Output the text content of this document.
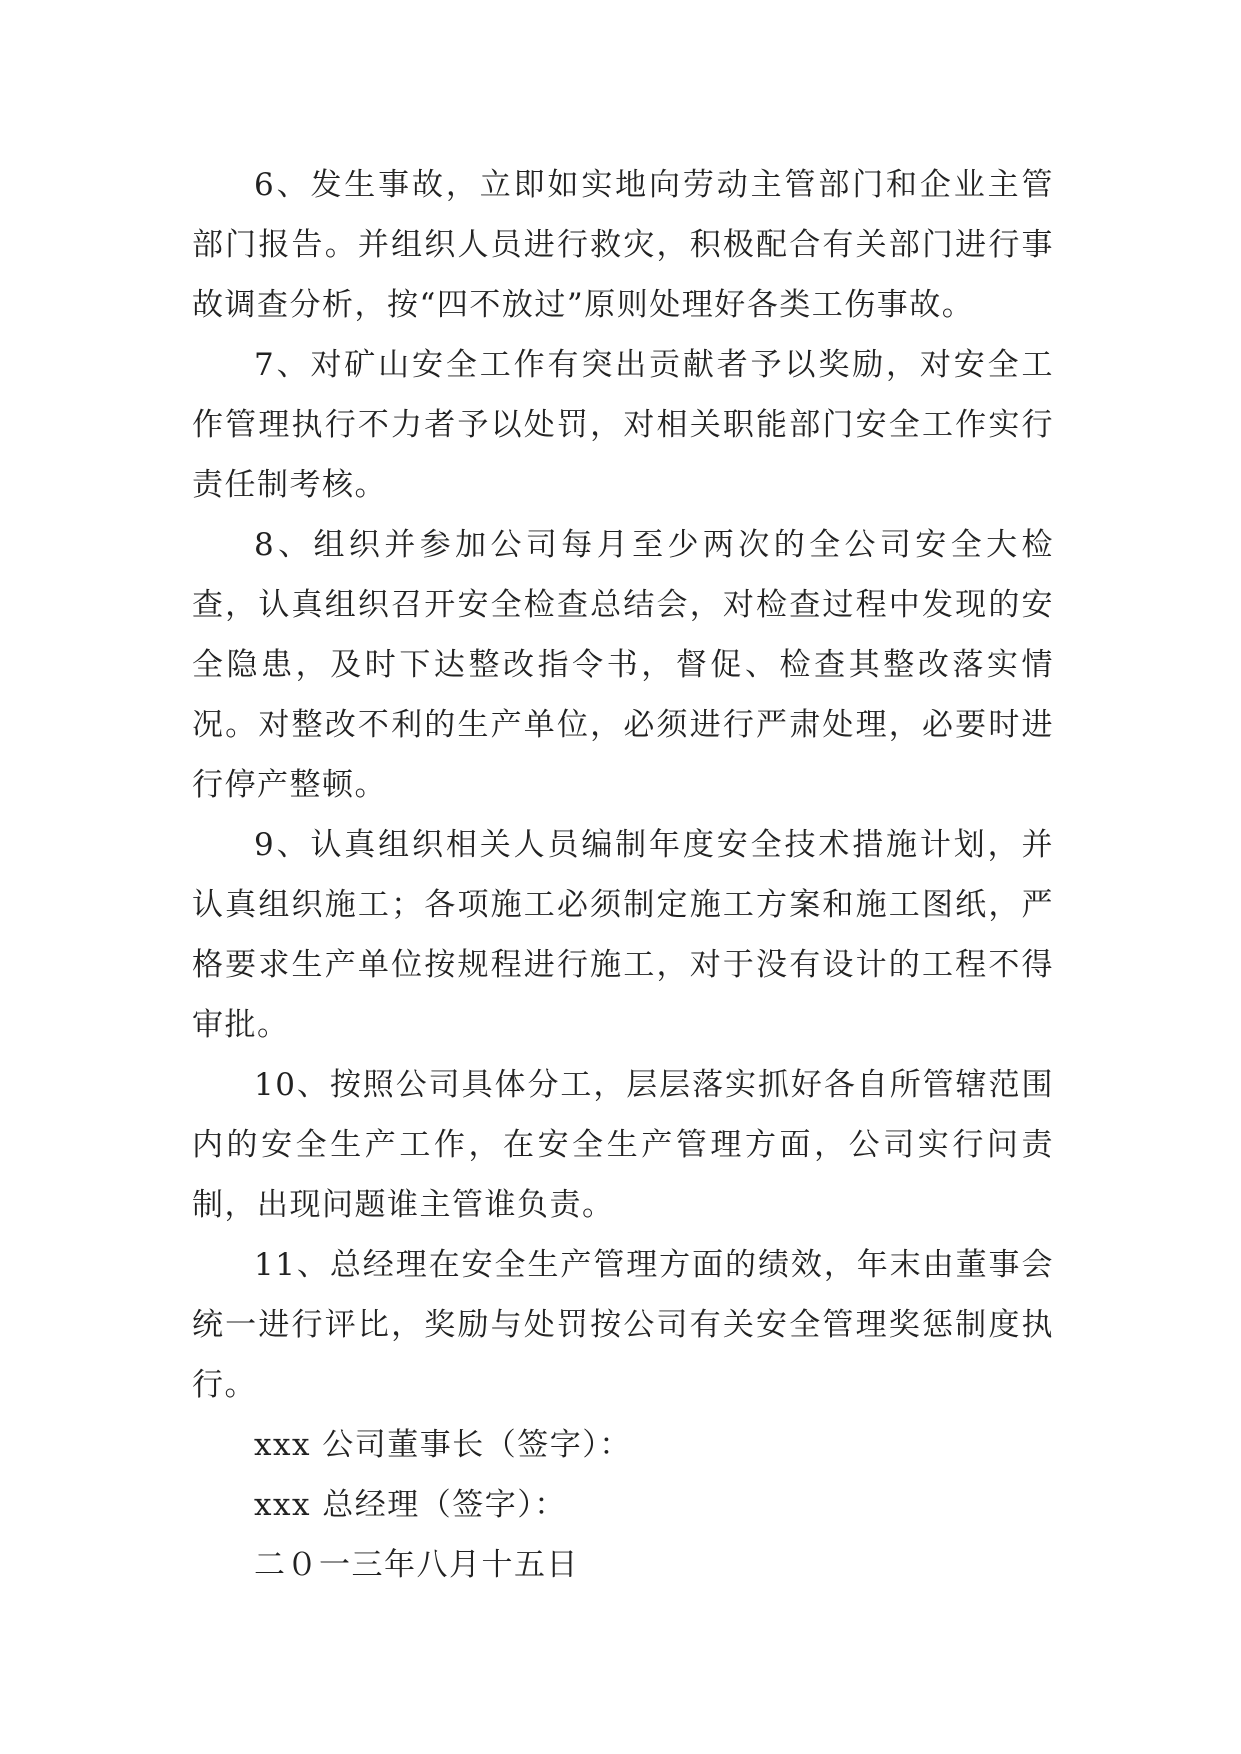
6、发生事故，立即如实地向劳动主管部门和企业主管部门报告。并组织人员进行救灾，积极配合有关部门进行事故调查分析，按“四不放过”原则处理好各类工伤事故。

7、对矿山安全工作有突出贡献者予以奖励，对安全工作管理执行不力者予以处罚，对相关职能部门安全工作实行责任制考核。

8、组织并参加公司每月至少两次的全公司安全大检查，认真组织召开安全检查总结会，对检查过程中发现的安全隐患，及时下达整改指令书，督促、检查其整改落实情况。对整改不利的生产单位，必须进行严肃处理，必要时进行停产整顿。

9、认真组织相关人员编制年度安全技术措施计划，并认真组织施工；各项施工必须制定施工方案和施工图纸，严格要求生产单位按规程进行施工，对于没有设计的工程不得审批。

10、按照公司具体分工，层层落实抓好各自所管辖范围内的安全生产工作，在安全生产管理方面，公司实行问责制，出现问题谁主管谁负责。

11、总经理在安全生产管理方面的绩效，年末由董事会统一进行评比，奖励与处罚按公司有关安全管理奖惩制度执行。

xxx 公司董事长（签字）：

xxx 总经理（签字）：

二０一三年八月十五日
